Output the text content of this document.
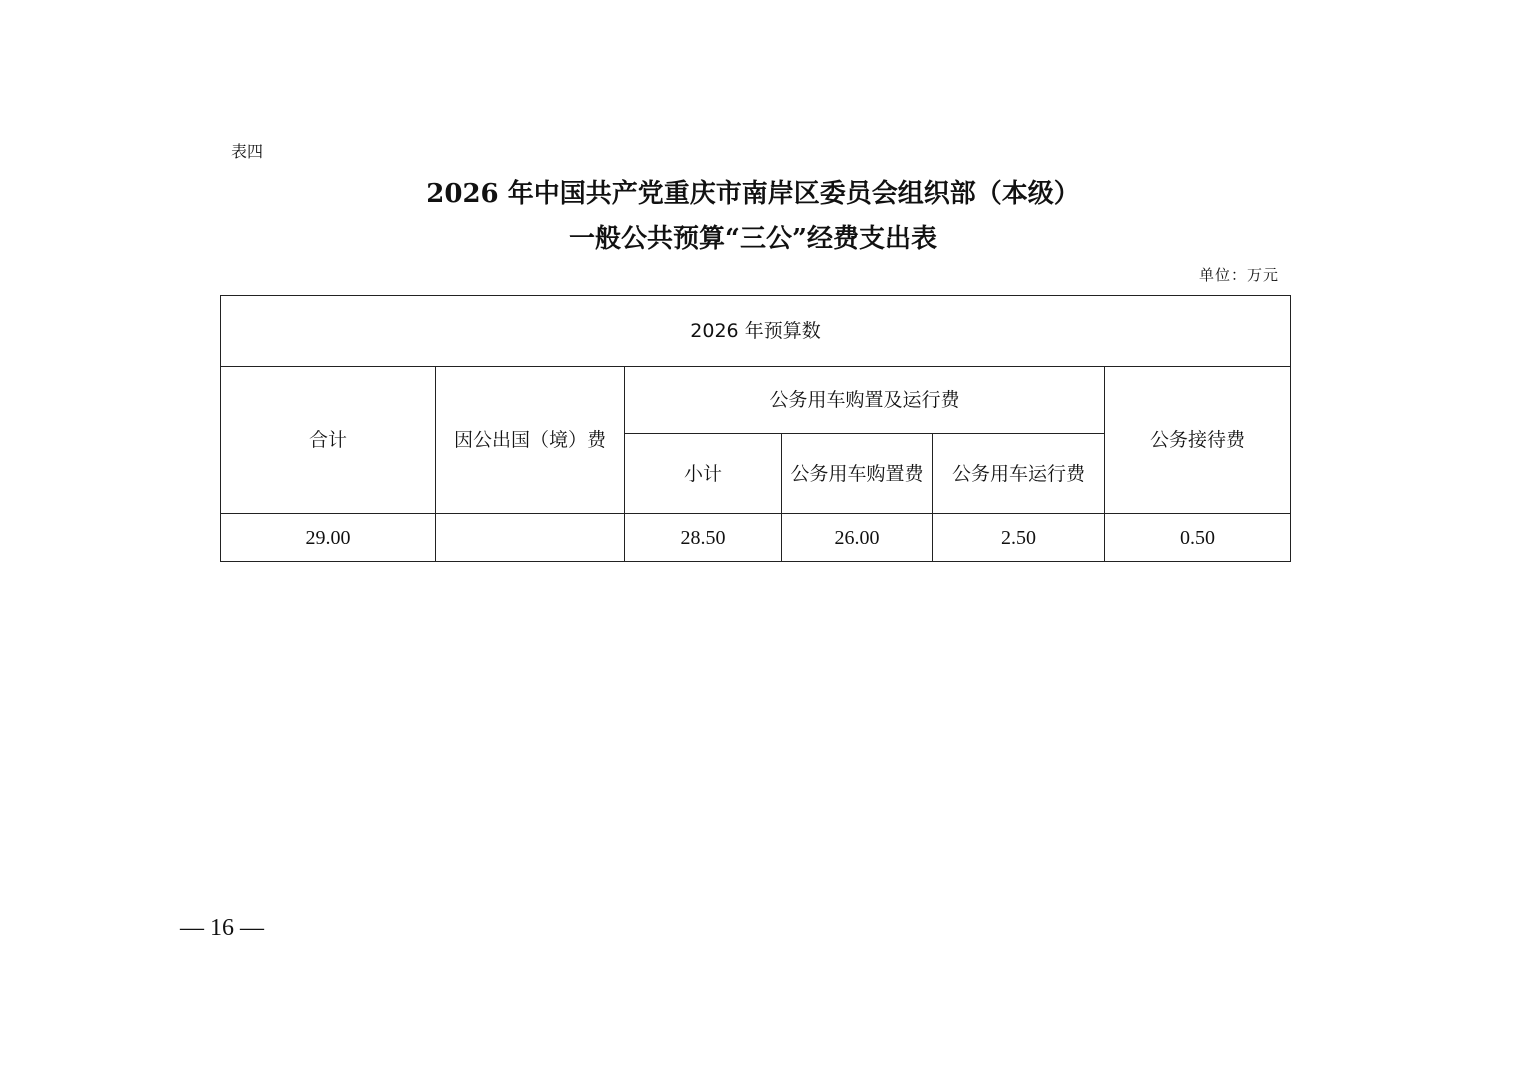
表四
2026 年中国共产党重庆市南岸区委员会组织部（本级）
一般公共预算“三公”经费支出表
单位：万元
2026 年预算数					
合计	因公出国（境）费	公务用车购置及运行费			公务接待费
		小计	公务用车购置费	公务用车运行费	
29.00		28.50	26.00	2.50	0.50
— 16 —
